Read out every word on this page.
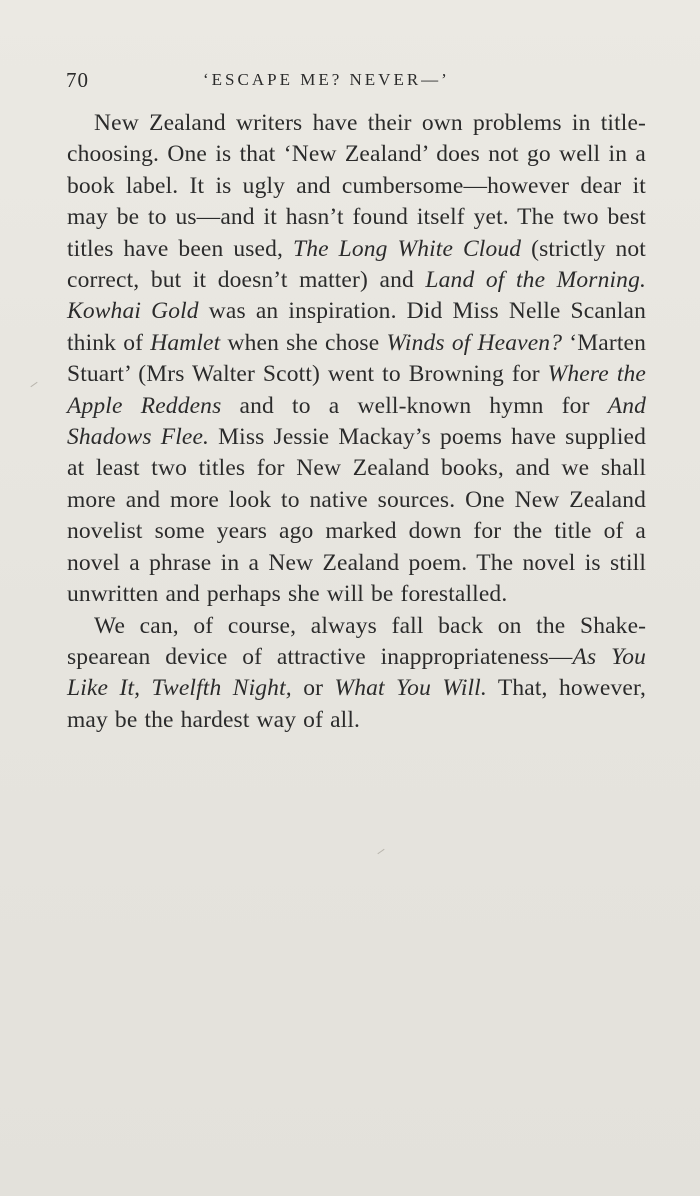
70	‘ESCAPE ME? NEVER—’

New Zealand writers have their own problems in title-choosing. One is that ‘New Zealand’ does not go well in a book label. It is ugly and cumbersome—however dear it may be to us—and it hasn’t found itself yet. The two best titles have been used, The Long White Cloud (strictly not correct, but it doesn’t matter) and Land of the Morning. Kowhai Gold was an inspiration. Did Miss Nelle Scanlan think of Hamlet when she chose Winds of Heaven? ‘Marten Stuart’ (Mrs Walter Scott) went to Browning for Where the Apple Reddens and to a well-known hymn for And Shadows Flee. Miss Jessie Mackay’s poems have supplied at least two titles for New Zealand books, and we shall more and more look to native sources. One New Zealand novelist some years ago marked down for the title of a novel a phrase in a New Zealand poem. The novel is still unwritten and perhaps she will be forestalled.

We can, of course, always fall back on the Shakespearean device of attractive inappropriateness—As You Like It, Twelfth Night, or What You Will. That, however, may be the hardest way of all.
